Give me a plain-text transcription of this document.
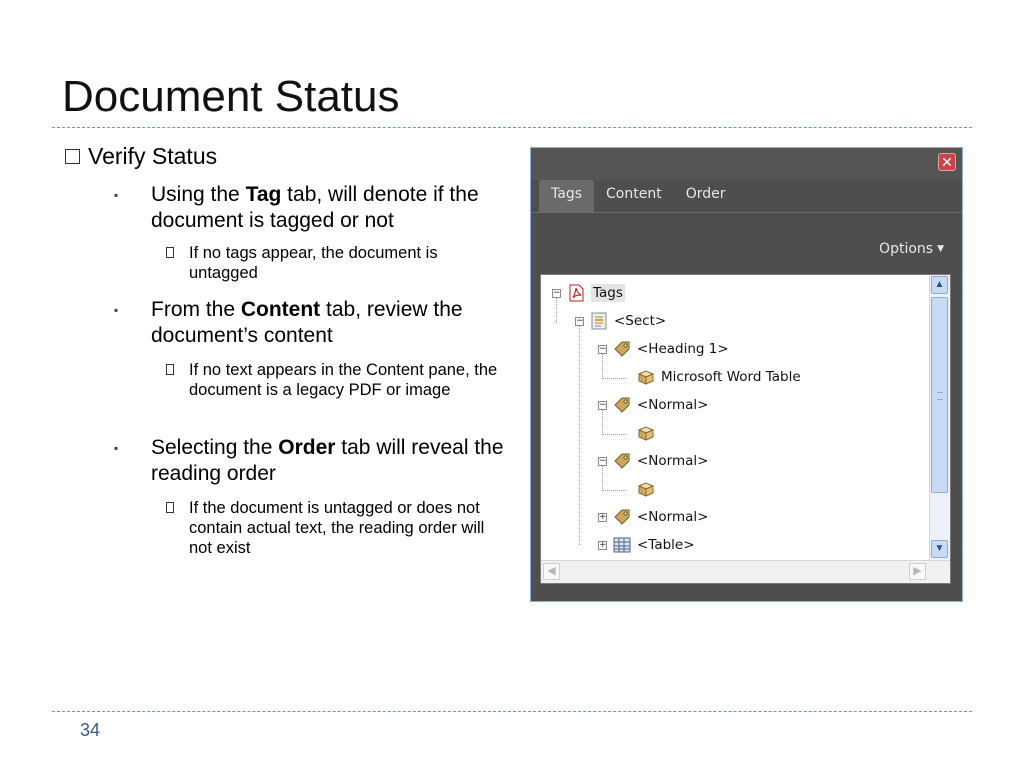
Document Status
Verify Status
▪ Using the Tag tab, will denote if the document is tagged or not
If no tags appear, the document is untagged
▪ From the Content tab, review the document’s content
If no text appears in the Content pane, the document is a legacy PDF or image
▪ Selecting the Order tab will reveal the reading order
If the document is untagged or does not contain actual text, the reading order will not exist
✕
Tags	Content	Order
Options ▼
− Tags
− <Sect>
− <Heading 1>
Microsoft Word Table
− <Normal>
− <Normal>
+ <Normal>
+ <Table>
▲
▼
◀	▶
34
